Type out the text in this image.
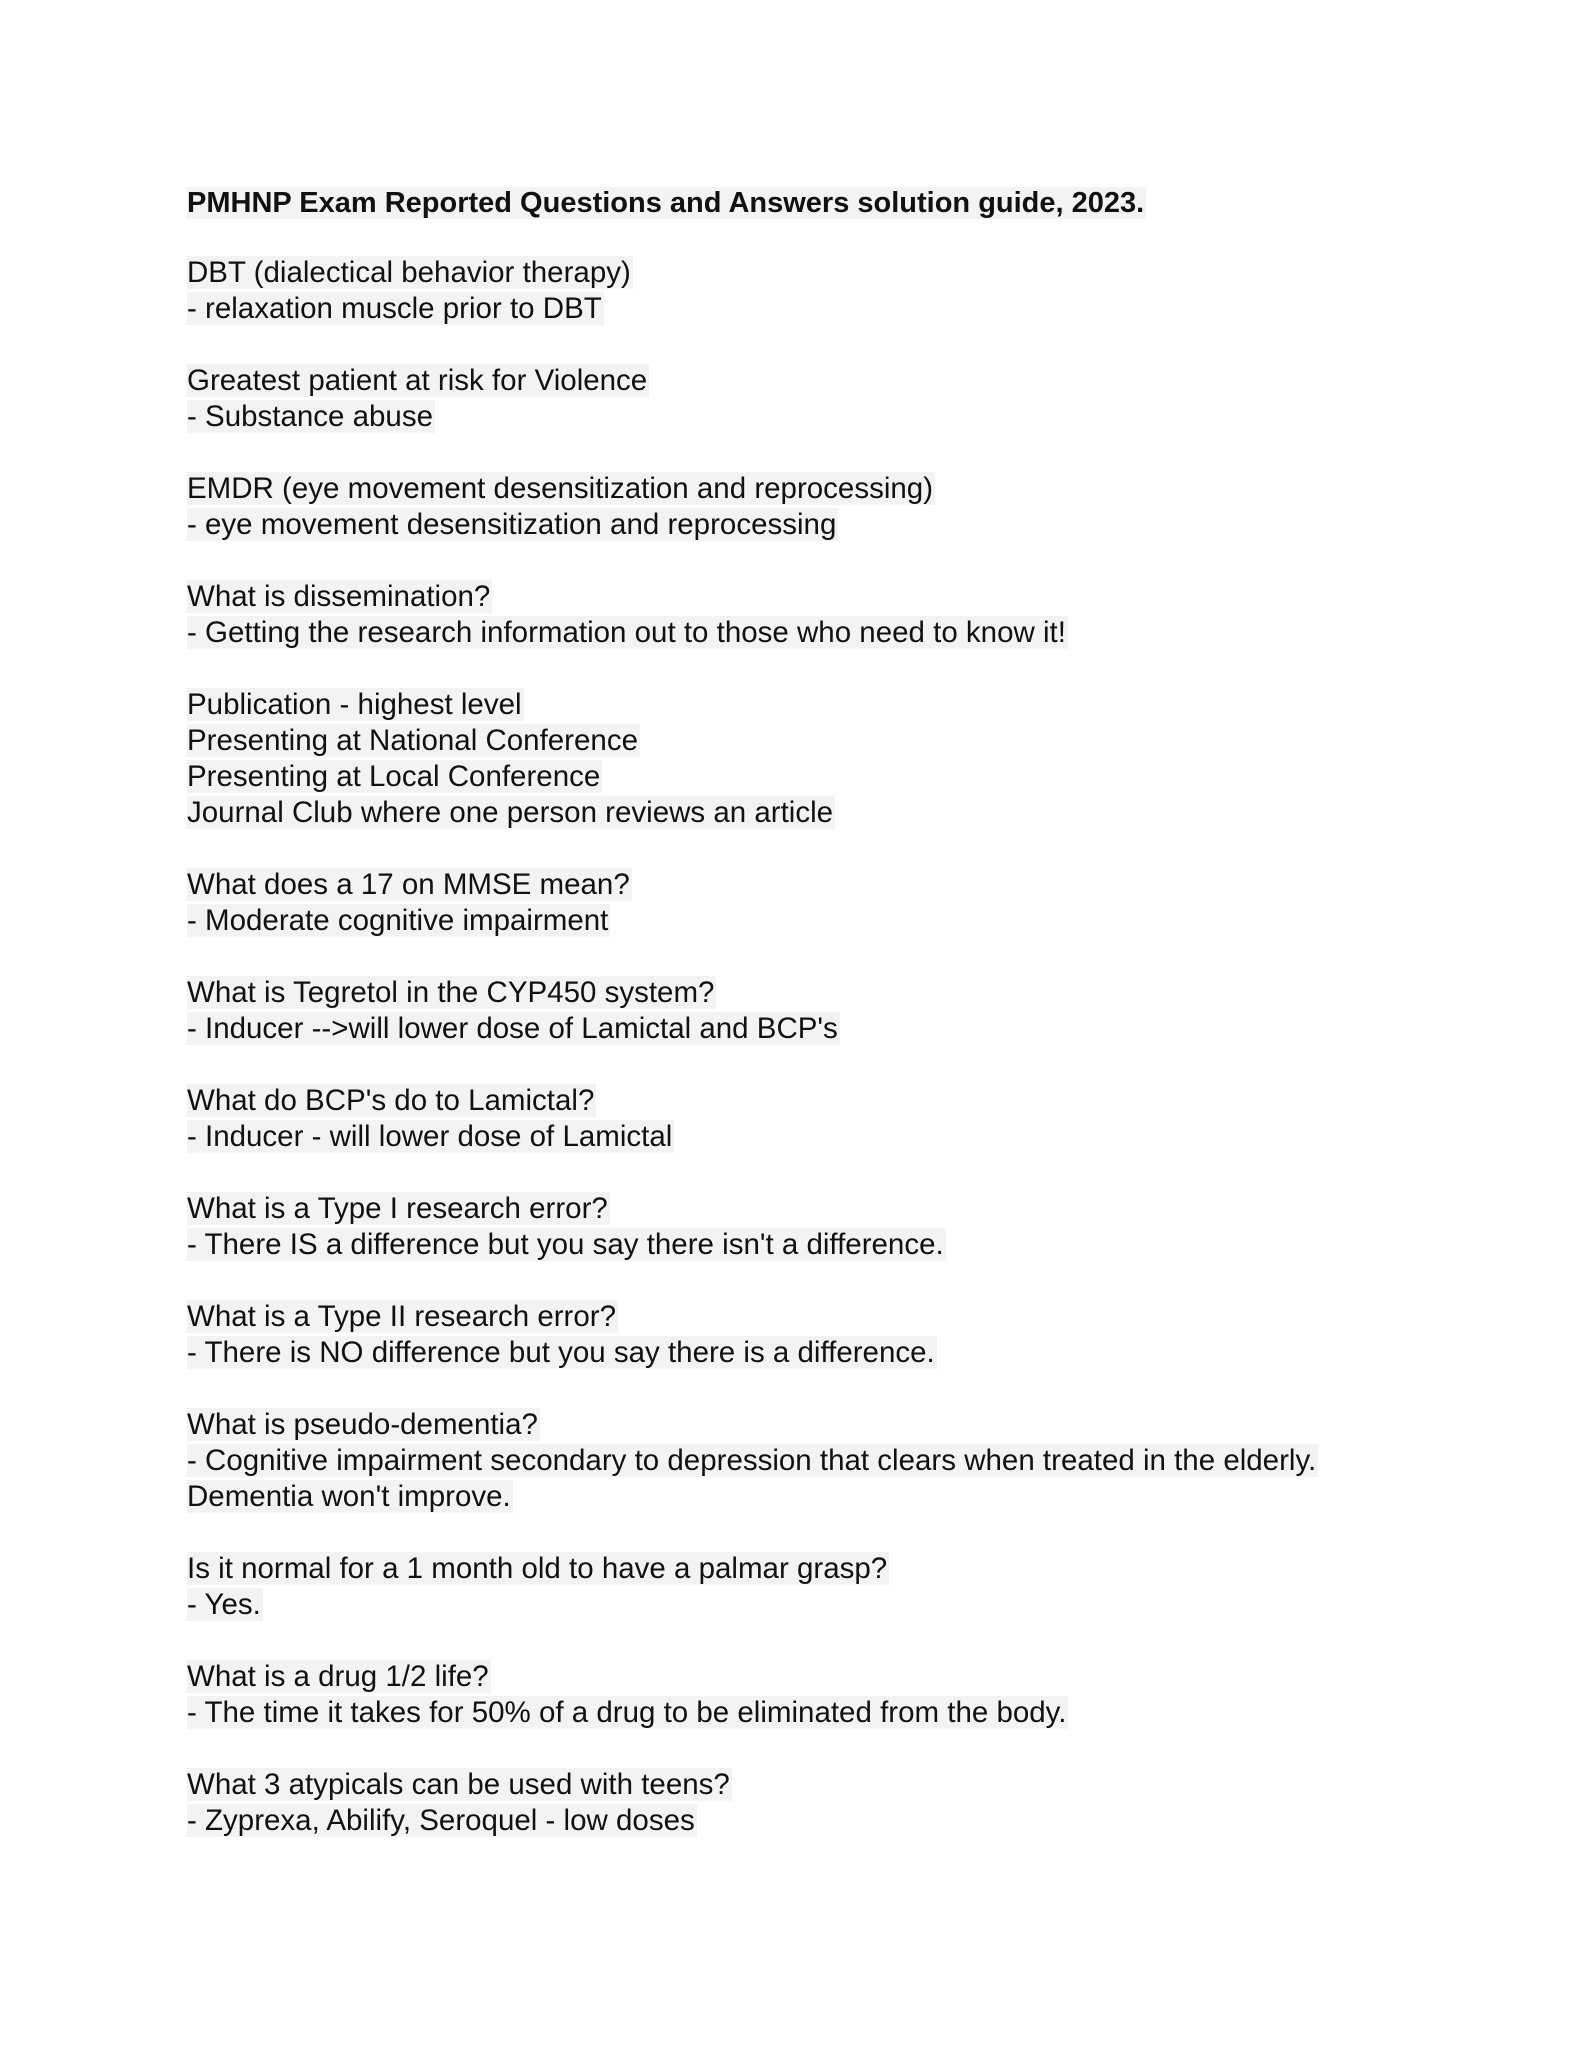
PMHNP Exam Reported Questions and Answers solution guide, 2023.
DBT (dialectical behavior therapy)
- relaxation muscle prior to DBT
Greatest patient at risk for Violence
- Substance abuse
EMDR (eye movement desensitization and reprocessing)
- eye movement desensitization and reprocessing
What is dissemination?
- Getting the research information out to those who need to know it!
Publication - highest level
Presenting at National Conference
Presenting at Local Conference
Journal Club where one person reviews an article
What does a 17 on MMSE mean?
- Moderate cognitive impairment
What is Tegretol in the CYP450 system?
- Inducer -->will lower dose of Lamictal and BCP's
What do BCP's do to Lamictal?
- Inducer - will lower dose of Lamictal
What is a Type I research error?
- There IS a difference but you say there isn't a difference.
What is a Type II research error?
- There is NO difference but you say there is a difference.
What is pseudo-dementia?
- Cognitive impairment secondary to depression that clears when treated in the elderly.
Dementia won't improve.
Is it normal for a 1 month old to have a palmar grasp?
- Yes.
What is a drug 1/2 life?
- The time it takes for 50% of a drug to be eliminated from the body.
What 3 atypicals can be used with teens?
- Zyprexa, Abilify, Seroquel - low doses
